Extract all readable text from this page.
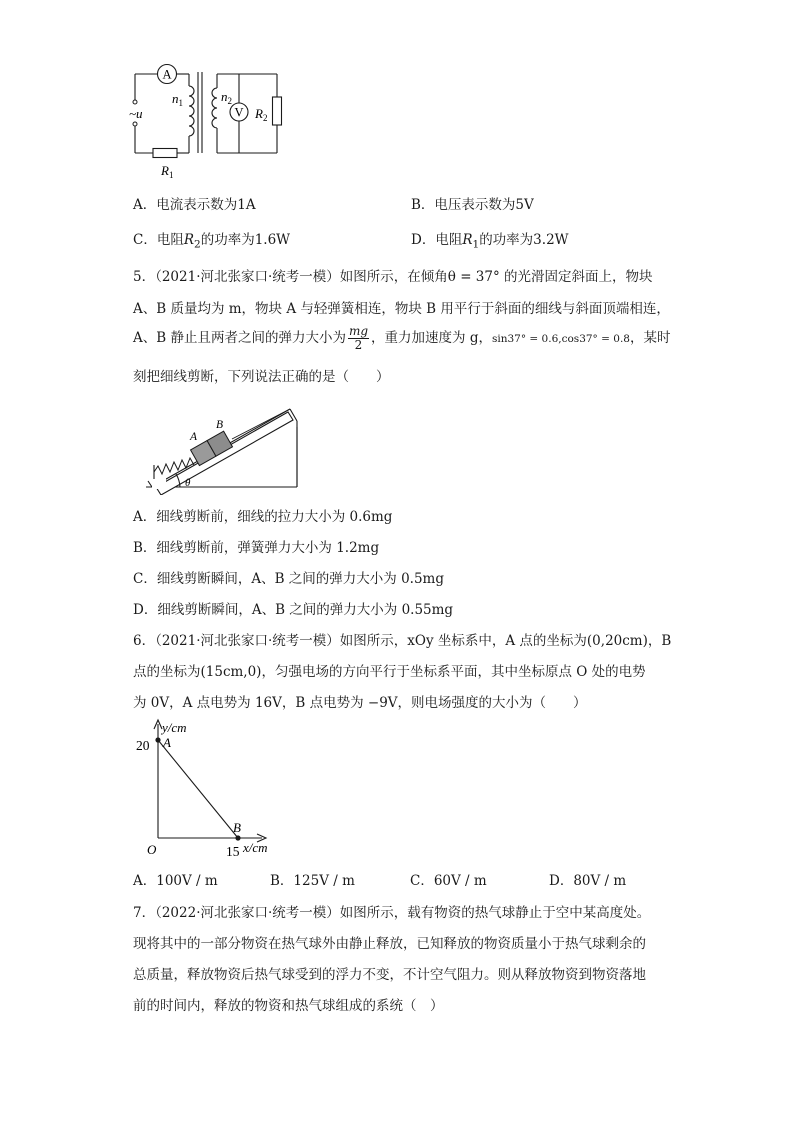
A
V
~u
$R_1$
$R_2$
$n_1$	$n_2$
A．电流表示数为1A	B．电压表示数为5V
C．电阻$R_2$的功率为1.6W	D．电阻$R_1$的功率为3.2W
5．（2021·河北张家口·统考一模）如图所示，在倾角θ = 37° 的光滑固定斜面上，物块
A、B 质量均为 m，物块 A 与轻弹簧相连，物块 B 用平行于斜面的细线与斜面顶端相连，
A、B 静止且两者之间的弹力大小为 $\frac{mg}{2}$ ，重力加速度为 g，sin37° = 0.6,cos37° = 0.8，某时
刻把细线剪断，下列说法正确的是（　　）
A
B
θ
A．细线剪断前，细线的拉力大小为 0.6mg
B．细线剪断前，弹簧弹力大小为 1.2mg
C．细线剪断瞬间，A、B 之间的弹力大小为 0.5mg
D．细线剪断瞬间，A、B 之间的弹力大小为 0.55mg
6．（2021·河北张家口·统考一模）如图所示，xOy 坐标系中，A 点的坐标为(0,20cm)，B
点的坐标为(15cm,0)，匀强电场的方向平行于坐标系平面，其中坐标原点 O 处的电势
为 0V，A 点电势为 16V，B 点电势为 −9V，则电场强度的大小为（　　）
y/cm
x/cm
20 A
B
O	15
A．100V / m	B．125V / m	C．60V / m	D．80V / m
7．（2022·河北张家口·统考一模）如图所示，载有物资的热气球静止于空中某高度处。
现将其中的一部分物资在热气球外由静止释放，已知释放的物资质量小于热气球剩余的
总质量，释放物资后热气球受到的浮力不变，不计空气阻力。则从释放物资到物资落地
前的时间内，释放的物资和热气球组成的系统（　）
